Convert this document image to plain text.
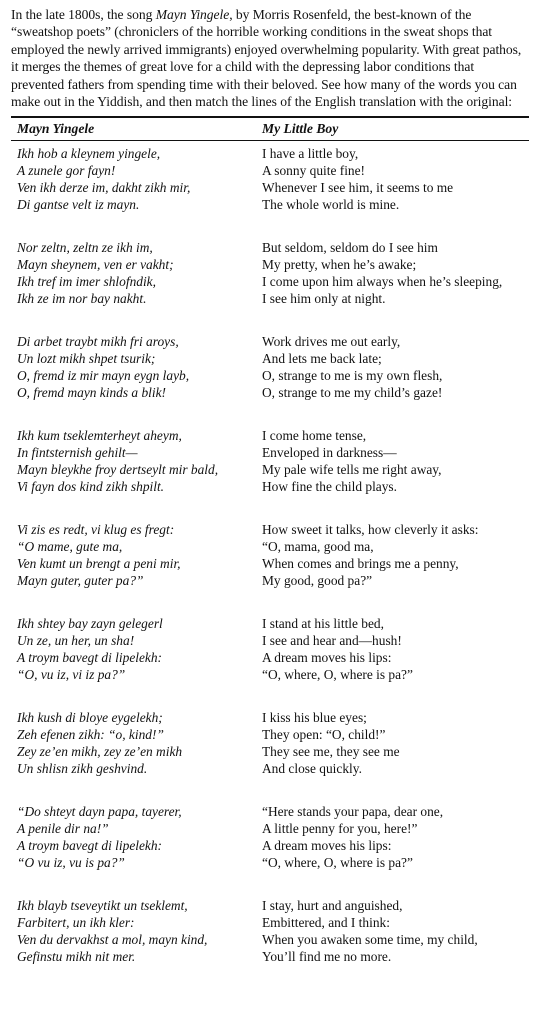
In the late 1800s, the song Mayn Yingele, by Morris Rosenfeld, the best-known of the “sweatshop poets” (chroniclers of the horrible working conditions in the sweat shops that employed the newly arrived immigrants) enjoyed overwhelming popularity. With great pathos, it merges the themes of great love for a child with the depressing labor conditions that prevented fathers from spending time with their beloved. See how many of the words you can make out in the Yiddish, and then match the lines of the English translation with the original:

Mayn Yingele	My Little Boy
Ikh hob a kleynem yingele,	I have a little boy,
A zunele gor fayn!	A sonny quite fine!
Ven ikh derze im, dakht zikh mir,	Whenever I see him, it seems to me
Di gantse velt iz mayn.	The whole world is mine.
Nor zeltn, zeltn ze ikh im,	But seldom, seldom do I see him
Mayn sheynem, ven er vakht;	My pretty, when he’s awake;
Ikh tref im imer shlofndik,	I come upon him always when he’s sleeping,
Ikh ze im nor bay nakht.	I see him only at night.
Di arbet traybt mikh fri aroys,	Work drives me out early,
Un lozt mikh shpet tsurik;	And lets me back late;
O, fremd iz mir mayn eygn layb,	O, strange to me is my own flesh,
O, fremd mayn kinds a blik!	O, strange to me my child’s gaze!
Ikh kum tseklemterheyt aheym,	I come home tense,
In fintsternish gehilt—	Enveloped in darkness—
Mayn bleykhe froy dertseylt mir bald,	My pale wife tells me right away,
Vi fayn dos kind zikh shpilt.	How fine the child plays.
Vi zis es redt, vi klug es fregt:	How sweet it talks, how cleverly it asks:
“O mame, gute ma,	“O, mama, good ma,
Ven kumt un brengt a peni mir,	When comes and brings me a penny,
Mayn guter, guter pa?”	My good, good pa?”
Ikh shtey bay zayn gelegerl	I stand at his little bed,
Un ze, un her, un sha!	I see and hear and—hush!
A troym bavegt di lipelekh:	A dream moves his lips:
“O, vu iz, vi iz pa?”	“O, where, O, where is pa?”
Ikh kush di bloye eygelekh;	I kiss his blue eyes;
Zeh efenen zikh: “o, kind!”	They open: “O, child!”
Zey ze’en mikh, zey ze’en mikh	They see me, they see me
Un shlisn zikh geshvind.	And close quickly.
“Do shteyt dayn papa, tayerer,	“Here stands your papa, dear one,
A penile dir na!”	A little penny for you, here!”
A troym bavegt di lipelekh:	A dream moves his lips:
“O vu iz, vu is pa?”	“O, where, O, where is pa?”
Ikh blayb tseveytikt un tseklemt,	I stay, hurt and anguished,
Farbitert, un ikh kler:	Embittered, and I think:
Ven du dervakhst a mol, mayn kind,	When you awaken some time, my child,
Gefinstu mikh nit mer.	You’ll find me no more.
